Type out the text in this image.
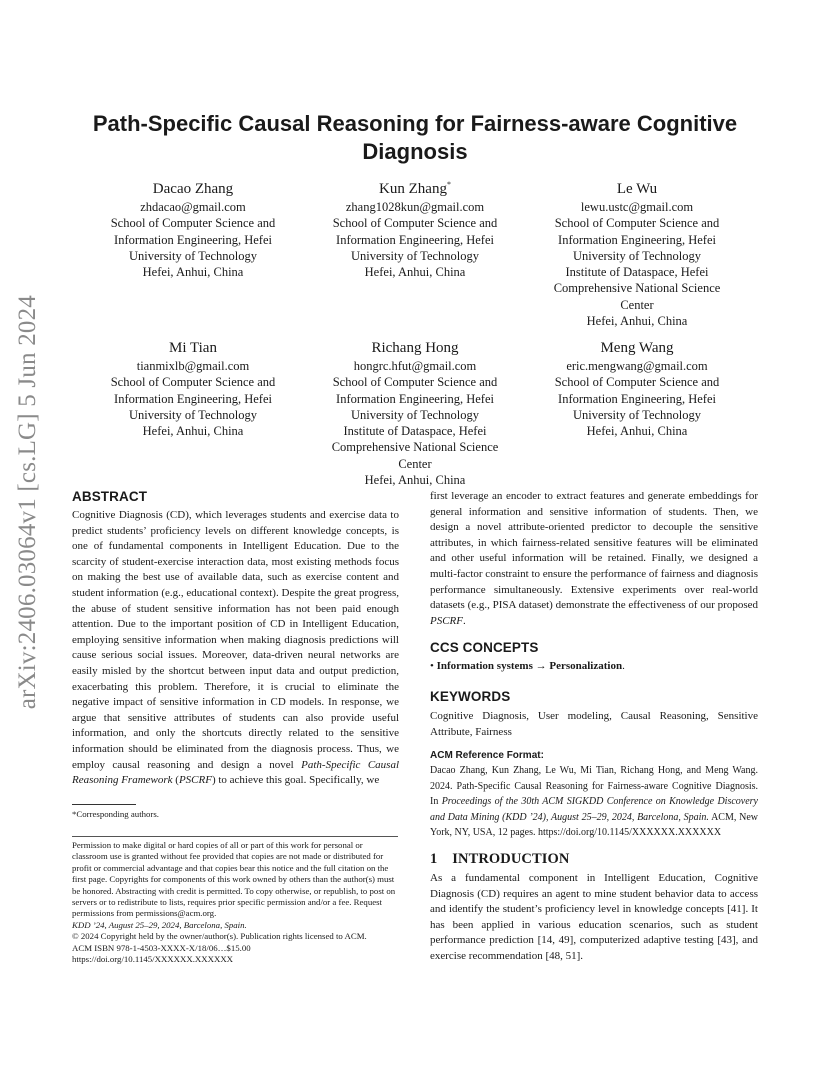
arXiv:2406.03064v1 [cs.LG] 5 Jun 2024
Path-Specific Causal Reasoning for Fairness-aware Cognitive
Diagnosis
Dacao Zhang
zhdacao@gmail.com
School of Computer Science and
Information Engineering, Hefei
University of Technology
Hefei, Anhui, China
Kun Zhang*
zhang1028kun@gmail.com
School of Computer Science and
Information Engineering, Hefei
University of Technology
Hefei, Anhui, China
Le Wu
lewu.ustc@gmail.com
School of Computer Science and
Information Engineering, Hefei
University of Technology
Institute of Dataspace, Hefei
Comprehensive National Science
Center
Hefei, Anhui, China
Mi Tian
tianmixlb@gmail.com
School of Computer Science and
Information Engineering, Hefei
University of Technology
Hefei, Anhui, China
Richang Hong
hongrc.hfut@gmail.com
School of Computer Science and
Information Engineering, Hefei
University of Technology
Institute of Dataspace, Hefei
Comprehensive National Science
Center
Hefei, Anhui, China
Meng Wang
eric.mengwang@gmail.com
School of Computer Science and
Information Engineering, Hefei
University of Technology
Hefei, Anhui, China
ABSTRACT
Cognitive Diagnosis (CD), which leverages students and exercise data to predict students’ proficiency levels on different knowledge concepts, is one of fundamental components in Intelligent Education. Due to the scarcity of student-exercise interaction data, most existing methods focus on making the best use of available data, such as exercise content and student information (e.g., educational context). Despite the great progress, the abuse of student sensitive information has not been paid enough attention. Due to the important position of CD in Intelligent Education, employing sensitive information when making diagnosis predictions will cause serious social issues. Moreover, data-driven neural networks are easily misled by the shortcut between input data and output prediction, exacerbating this problem. Therefore, it is crucial to eliminate the negative impact of sensitive information in CD models. In response, we argue that sensitive attributes of students can also provide useful information, and only the shortcuts directly related to the sensitive information should be eliminated from the diagnosis process. Thus, we employ causal reasoning and design a novel Path-Specific Causal Reasoning Framework (PSCRF) to achieve this goal. Specifically, we
*Corresponding authors.
Permission to make digital or hard copies of all or part of this work for personal or classroom use is granted without fee provided that copies are not made or distributed for profit or commercial advantage and that copies bear this notice and the full citation on the first page. Copyrights for components of this work owned by others than the author(s) must be honored. Abstracting with credit is permitted. To copy otherwise, or republish, to post on servers or to redistribute to lists, requires prior specific permission and/or a fee. Request permissions from permissions@acm.org.
KDD ’24, August 25–29, 2024, Barcelona, Spain.
© 2024 Copyright held by the owner/author(s). Publication rights licensed to ACM.
ACM ISBN 978-1-4503-XXXX-X/18/06…$15.00
https://doi.org/10.1145/XXXXXX.XXXXXX
first leverage an encoder to extract features and generate embeddings for general information and sensitive information of students. Then, we design a novel attribute-oriented predictor to decouple the sensitive attributes, in which fairness-related sensitive features will be eliminated and other useful information will be retained. Finally, we designed a multi-factor constraint to ensure the performance of fairness and diagnosis performance simultaneously. Extensive experiments over real-world datasets (e.g., PISA dataset) demonstrate the effectiveness of our proposed PSCRF.
CCS CONCEPTS
• Information systems → Personalization.
KEYWORDS
Cognitive Diagnosis, User modeling, Causal Reasoning, Sensitive Attribute, Fairness
ACM Reference Format:
Dacao Zhang, Kun Zhang, Le Wu, Mi Tian, Richang Hong, and Meng Wang. 2024. Path-Specific Causal Reasoning for Fairness-aware Cognitive Diagnosis. In Proceedings of the 30th ACM SIGKDD Conference on Knowledge Discovery and Data Mining (KDD ’24), August 25–29, 2024, Barcelona, Spain. ACM, New York, NY, USA, 12 pages. https://doi.org/10.1145/XXXXXX.XXXXXX
1    INTRODUCTION
As a fundamental component in Intelligent Education, Cognitive Diagnosis (CD) requires an agent to mine student behavior data to access and identify the student’s proficiency level in knowledge concepts [41]. It has been applied in various education scenarios, such as student performance prediction [14, 49], computerized adaptive testing [43], and exercise recommendation [48, 51].
